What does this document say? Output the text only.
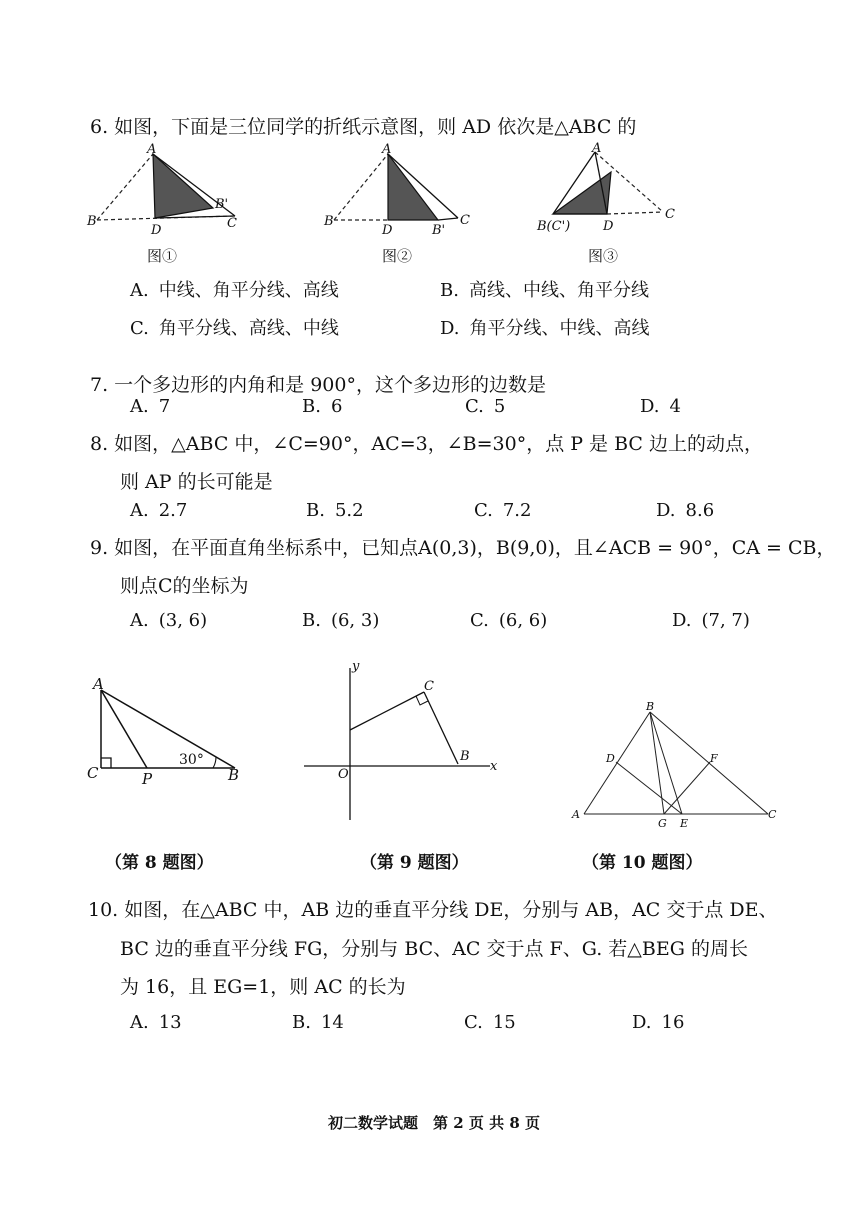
6. 如图，下面是三位同学的折纸示意图，则 AD 依次是△ABC 的
A
B
B'
C
D
图①
A
B
D	B'
C
图②
A
B(C')	D
C
图③
A. 中线、角平分线、高线	B. 高线、中线、角平分线
C. 角平分线、高线、中线	D. 角平分线、中线、高线
7. 一个多边形的内角和是 900°，这个多边形的边数是
A. 7	B. 6	C. 5	D. 4
8. 如图，△ABC 中，∠C=90°，AC=3，∠B=30°，点 P 是 BC 边上的动点，
则 AP 的长可能是
A. 2.7	B. 5.2	C. 7.2	D. 8.6
9. 如图，在平面直角坐标系中，已知点A(0,3)，B(9,0)，且∠ACB = 90°，CA = CB，
则点C的坐标为
A. (3, 6)	B. (6, 3)	C. (6, 6)	D. (7, 7)
A
C	P
30°
B
y
C
O
B
x
B
D	F
A
G E
C
（第 8 题图）	（第 9 题图）	（第 10 题图）
10. 如图，在△ABC 中，AB 边的垂直平分线 DE，分别与 AB，AC 交于点 DE、
BC 边的垂直平分线 FG，分别与 BC、AC 交于点 F、G. 若△BEG 的周长
为 16，且 EG=1，则 AC 的长为
A. 13	B. 14	C. 15	D. 16
初二数学试题　第 2 页 共 8 页
